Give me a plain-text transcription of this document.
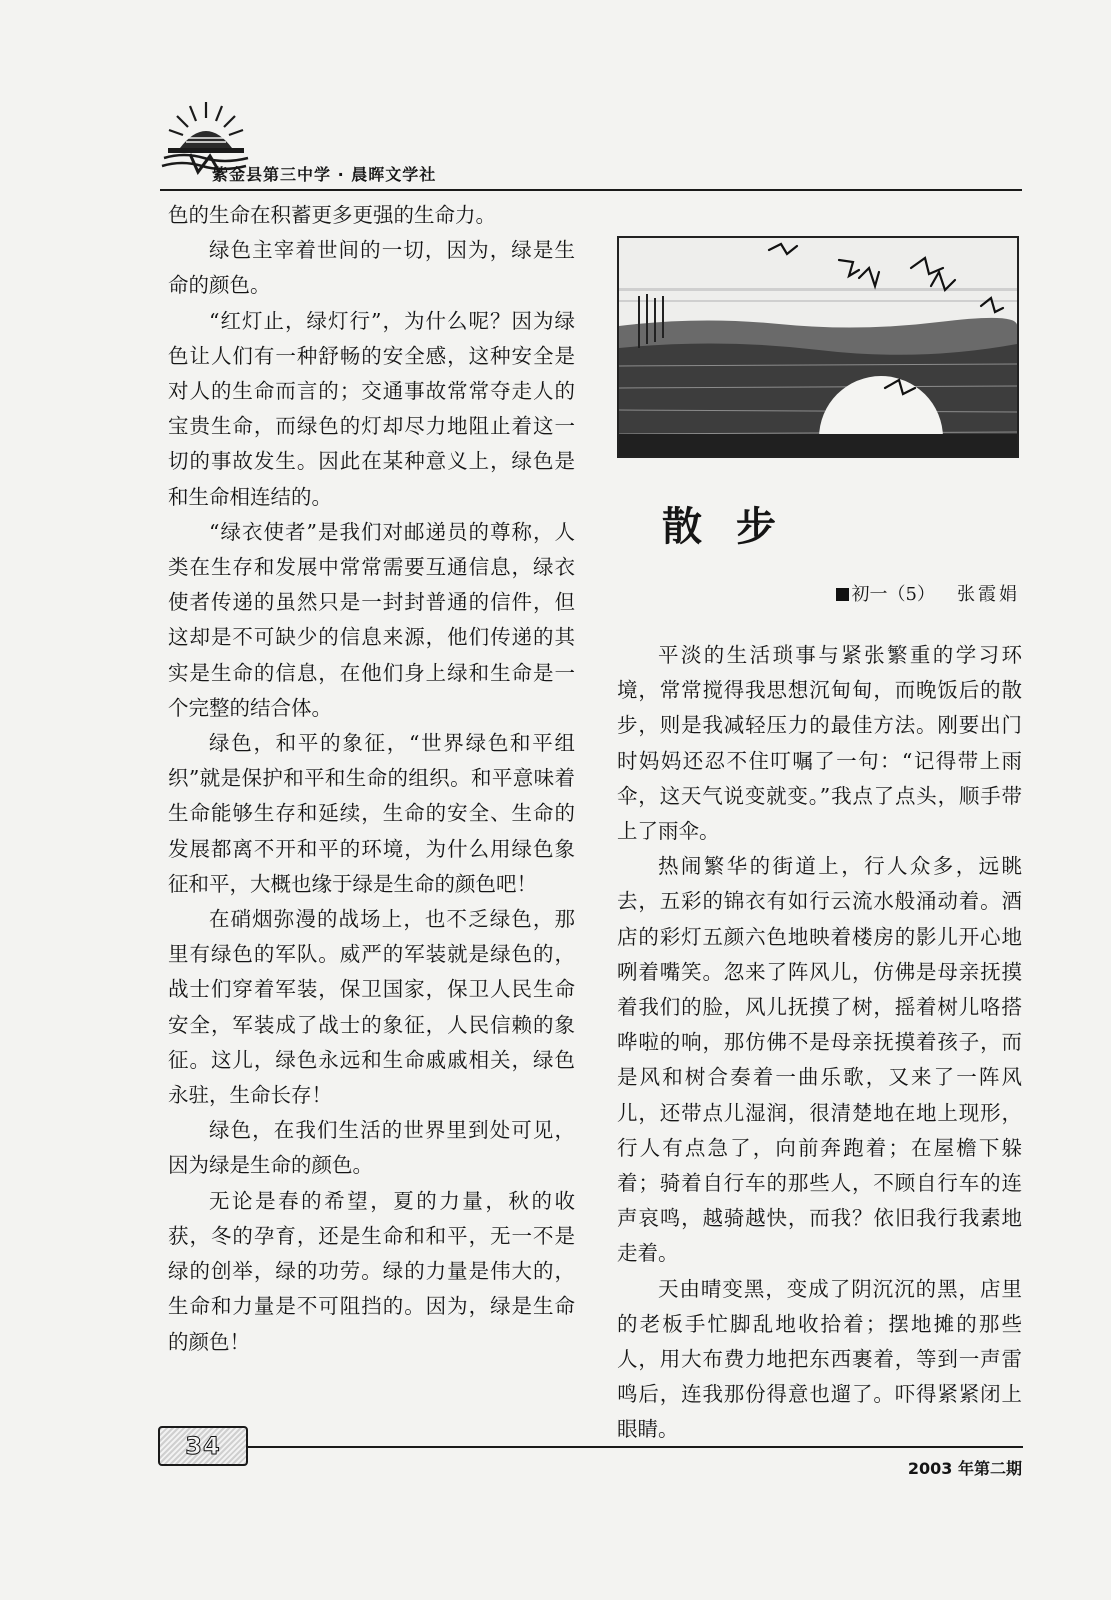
紫金县第三中学 · 晨晖文学社

色的生命在积蓄更多更强的生命力。

绿色主宰着世间的一切，因为，绿是生命的颜色。

“红灯止，绿灯行”，为什么呢？因为绿色让人们有一种舒畅的安全感，这种安全是对人的生命而言的；交通事故常常夺走人的宝贵生命，而绿色的灯却尽力地阻止着这一切的事故发生。因此在某种意义上，绿色是和生命相连结的。

“绿衣使者”是我们对邮递员的尊称，人类在生存和发展中常常需要互通信息，绿衣使者传递的虽然只是一封封普通的信件，但这却是不可缺少的信息来源，他们传递的其实是生命的信息，在他们身上绿和生命是一个完整的结合体。

绿色，和平的象征，“世界绿色和平组织”就是保护和平和生命的组织。和平意味着生命能够生存和延续，生命的安全、生命的发展都离不开和平的环境，为什么用绿色象征和平，大概也缘于绿是生命的颜色吧！

在硝烟弥漫的战场上，也不乏绿色，那里有绿色的军队。威严的军装就是绿色的，战士们穿着军装，保卫国家，保卫人民生命安全，军装成了战士的象征，人民信赖的象征。这儿，绿色永远和生命戚戚相关，绿色永驻，生命长存！

绿色，在我们生活的世界里到处可见，因为绿是生命的颜色。

无论是春的希望，夏的力量，秋的收获，冬的孕育，还是生命和和平，无一不是绿的创举，绿的功劳。绿的力量是伟大的，生命和力量是不可阻挡的。因为，绿是生命的颜色！

散步
初一（5） 张霞娟

平淡的生活琐事与紧张繁重的学习环境，常常搅得我思想沉甸甸，而晚饭后的散步，则是我减轻压力的最佳方法。刚要出门时妈妈还忍不住叮嘱了一句：“记得带上雨伞，这天气说变就变。”我点了点头，顺手带上了雨伞。

热闹繁华的街道上，行人众多，远眺去，五彩的锦衣有如行云流水般涌动着。酒店的彩灯五颜六色地映着楼房的影儿开心地咧着嘴笑。忽来了阵风儿，仿佛是母亲抚摸着我们的脸，风儿抚摸了树，摇着树儿咯搭哗啦的响，那仿佛不是母亲抚摸着孩子，而是风和树合奏着一曲乐歌，又来了一阵风儿，还带点儿湿润，很清楚地在地上现形，行人有点急了，向前奔跑着；在屋檐下躲着；骑着自行车的那些人，不顾自行车的连声哀鸣，越骑越快，而我？依旧我行我素地走着。

天由晴变黑，变成了阴沉沉的黑，店里的老板手忙脚乱地收拾着；摆地摊的那些人，用大布费力地把东西裹着，等到一声雷鸣后，连我那份得意也遛了。吓得紧紧闭上眼睛。

34
2003 年第二期
